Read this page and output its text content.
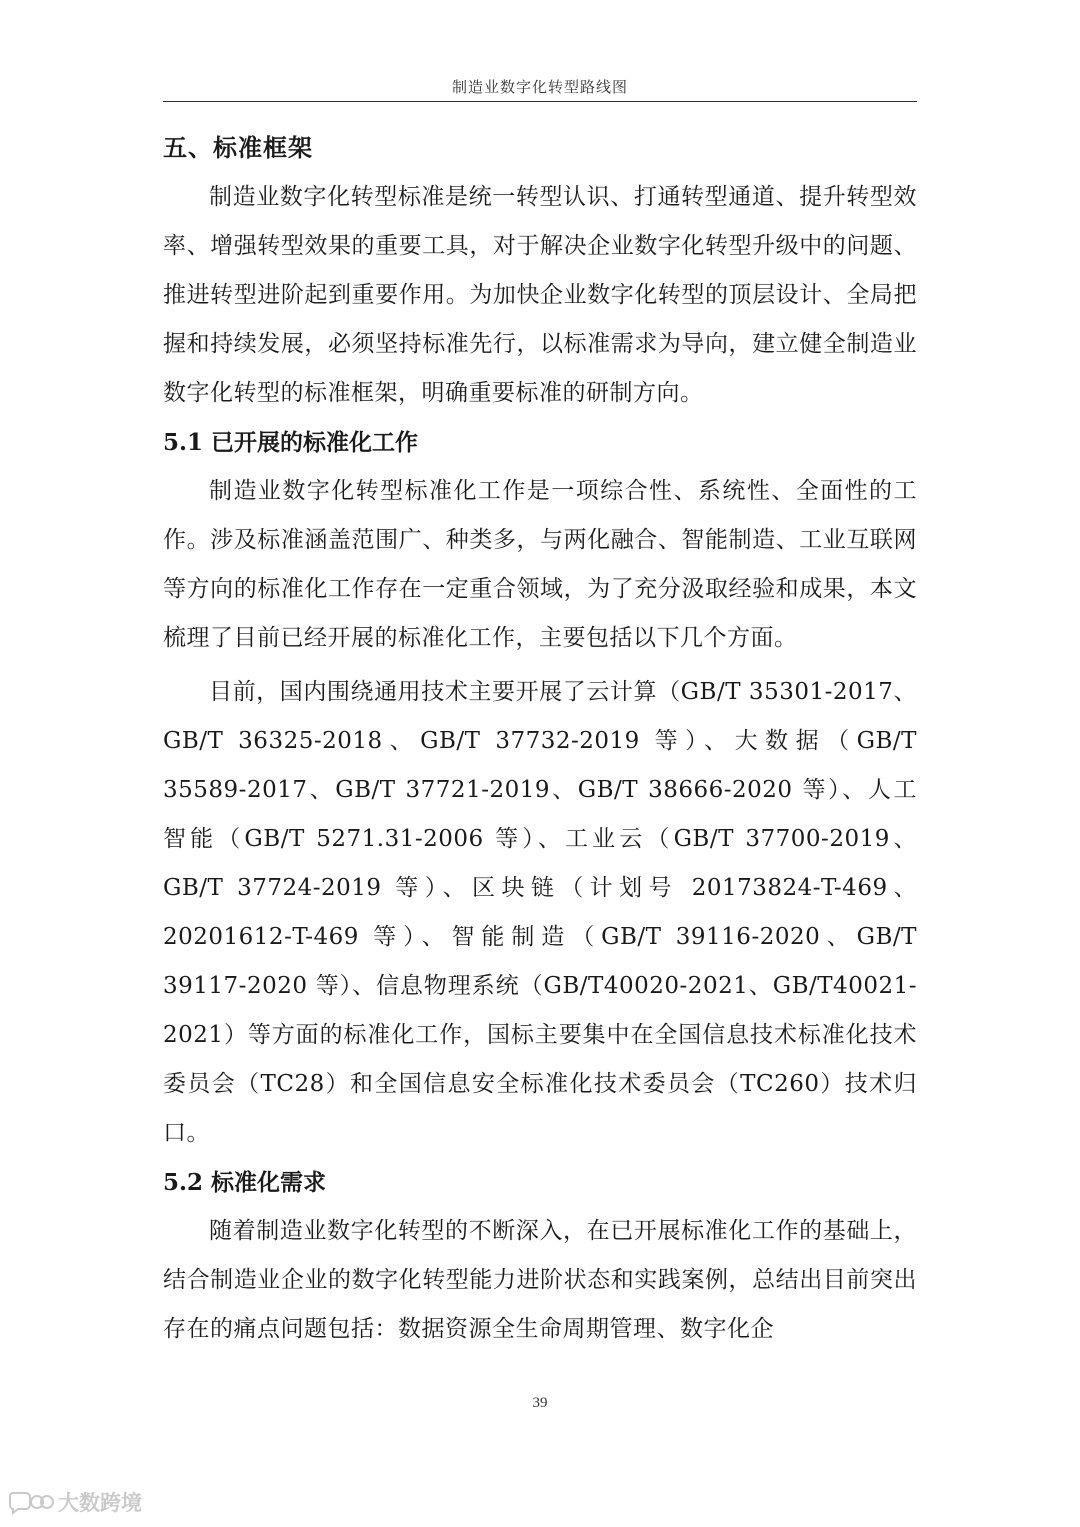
制造业数字化转型路线图
五、标准框架

制造业数字化转型标准是统一转型认识、打通转型通道、提升转型效率、增强转型效果的重要工具，对于解决企业数字化转型升级中的问题、推进转型进阶起到重要作用。为加快企业数字化转型的顶层设计、全局把握和持续发展，必须坚持标准先行，以标准需求为导向，建立健全制造业数字化转型的标准框架，明确重要标准的研制方向。

5.1 已开展的标准化工作

制造业数字化转型标准化工作是一项综合性、系统性、全面性的工作。涉及标准涵盖范围广、种类多，与两化融合、智能制造、工业互联网等方向的标准化工作存在一定重合领域，为了充分汲取经验和成果，本文梳理了目前已经开展的标准化工作，主要包括以下几个方面。

目前，国内围绕通用技术主要开展了云计算（GB/T 35301-2017、GB/T 36325-2018、GB/T 37732-2019 等）、大数据（GB/T 35589-2017、GB/T 37721-2019、GB/T 38666-2020 等）、人工智能（GB/T 5271.31-2006 等）、工业云（GB/T 37700-2019、GB/T 37724-2019 等）、区块链（计划号 20173824-T-469、20201612-T-469 等）、智能制造（GB/T 39116-2020、GB/T 39117-2020 等）、信息物理系统（GB/T40020-2021、GB/T40021-2021）等方面的标准化工作，国标主要集中在全国信息技术标准化技术委员会（TC28）和全国信息安全标准化技术委员会（TC260）技术归口。

5.2 标准化需求

随着制造业数字化转型的不断深入，在已开展标准化工作的基础上，结合制造业企业的数字化转型能力进阶状态和实践案例，总结出目前突出存在的痛点问题包括：数据资源全生命周期管理、数字化企

39
大数跨境
